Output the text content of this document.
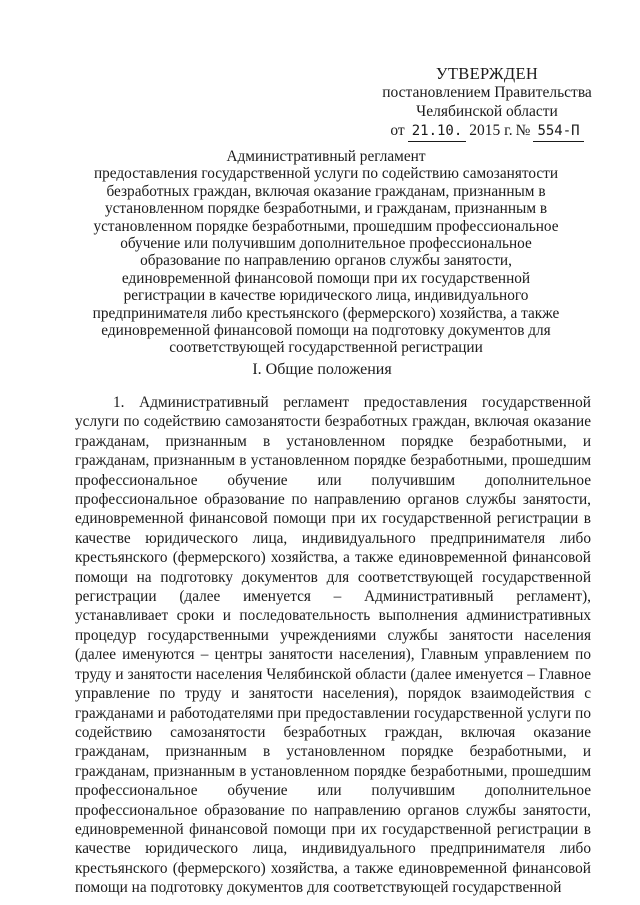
УТВЕРЖДЕН
постановлением Правительства
Челябинской области
от 21.10. 2015 г. № 554-П
Административный регламент
предоставления государственной услуги по содействию самозанятости безработных граждан, включая оказание гражданам, признанным в установленном порядке безработными, и гражданам, признанным в установленном порядке безработными, прошедшим профессиональное обучение или получившим дополнительное профессиональное образование по направлению органов службы занятости, единовременной финансовой помощи при их государственной регистрации в качестве юридического лица, индивидуального предпринимателя либо крестьянского (фермерского) хозяйства, а также единовременной финансовой помощи на подготовку документов для соответствующей государственной регистрации
I. Общие положения

1. Административный регламент предоставления государственной услуги по содействию самозанятости безработных граждан, включая оказание гражданам, признанным в установленном порядке безработными, и гражданам, признанным в установленном порядке безработными, прошедшим профессиональное обучение или получившим дополнительное профессиональное образование по направлению органов службы занятости, единовременной финансовой помощи при их государственной регистрации в качестве юридического лица, индивидуального предпринимателя либо крестьянского (фермерского) хозяйства, а также единовременной финансовой помощи на подготовку документов для соответствующей государственной регистрации (далее именуется – Административный регламент), устанавливает сроки и последовательность выполнения административных процедур государственными учреждениями службы занятости населения (далее именуются – центры занятости населения), Главным управлением по труду и занятости населения Челябинской области (далее именуется – Главное управление по труду и занятости населения), порядок взаимодействия с гражданами и работодателями при предоставлении государственной услуги по содействию самозанятости безработных граждан, включая оказание гражданам, признанным в установленном порядке безработными, и гражданам, признанным в установленном порядке безработными, прошедшим профессиональное обучение или получившим дополнительное профессиональное образование по направлению органов службы занятости, единовременной финансовой помощи при их государственной регистрации в качестве юридического лица, индивидуального предпринимателя либо крестьянского (фермерского) хозяйства, а также единовременной финансовой помощи на подготовку документов для соответствующей государственной
